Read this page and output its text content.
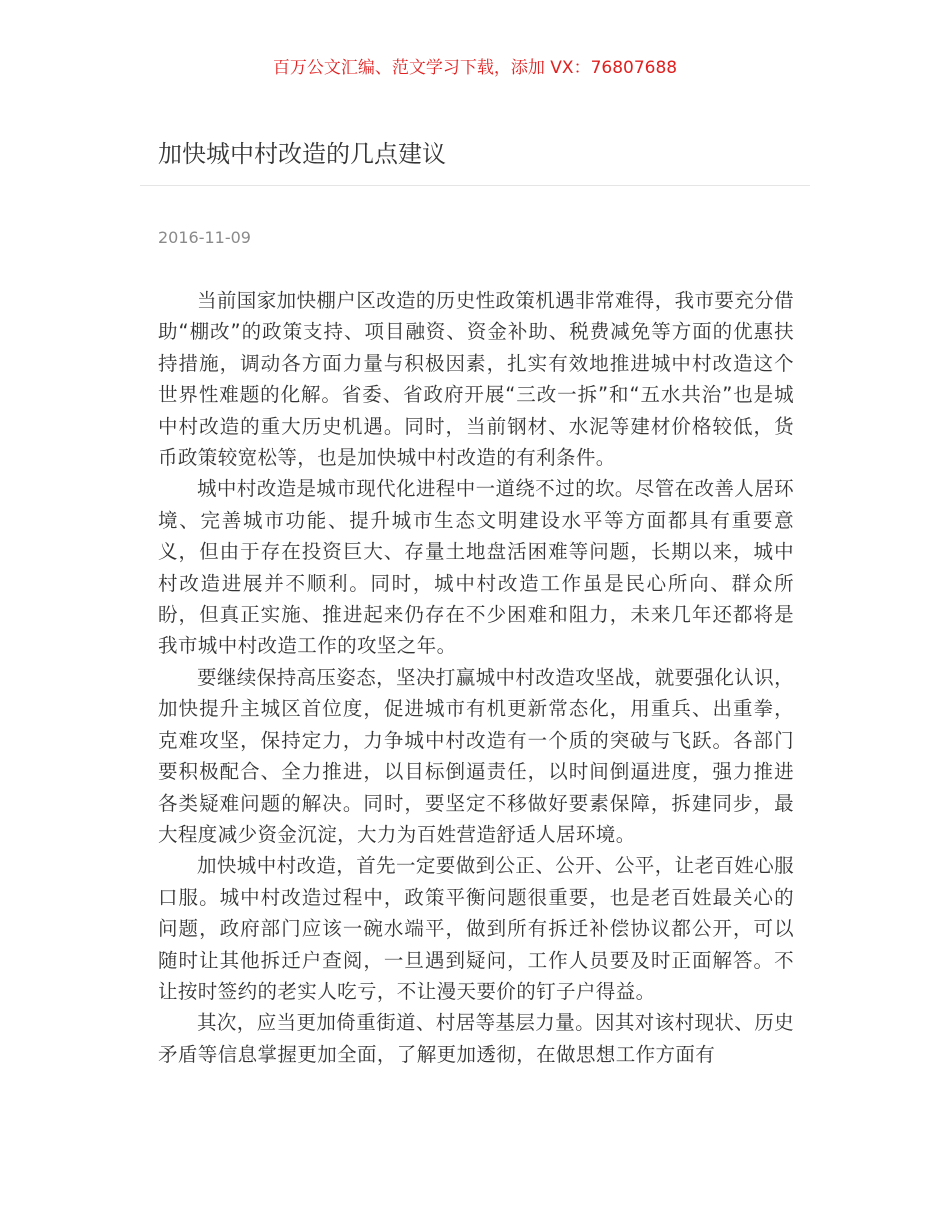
百万公文汇编、范文学习下载，添加 VX：76807688
加快城中村改造的几点建议
2016-11-09

当前国家加快棚户区改造的历史性政策机遇非常难得，我市要充分借助“棚改”的政策支持、项目融资、资金补助、税费减免等方面的优惠扶持措施，调动各方面力量与积极因素，扎实有效地推进城中村改造这个世界性难题的化解。省委、省政府开展“三改一拆”和“五水共治”也是城中村改造的重大历史机遇。同时，当前钢材、水泥等建材价格较低，货币政策较宽松等，也是加快城中村改造的有利条件。

城中村改造是城市现代化进程中一道绕不过的坎。尽管在改善人居环境、完善城市功能、提升城市生态文明建设水平等方面都具有重要意义，但由于存在投资巨大、存量土地盘活困难等问题，长期以来，城中村改造进展并不顺利。同时，城中村改造工作虽是民心所向、群众所盼，但真正实施、推进起来仍存在不少困难和阻力，未来几年还都将是我市城中村改造工作的攻坚之年。

要继续保持高压姿态，坚决打赢城中村改造攻坚战，就要强化认识，加快提升主城区首位度，促进城市有机更新常态化，用重兵、出重拳，克难攻坚，保持定力，力争城中村改造有一个质的突破与飞跃。各部门要积极配合、全力推进，以目标倒逼责任，以时间倒逼进度，强力推进各类疑难问题的解决。同时，要坚定不移做好要素保障，拆建同步，最大程度减少资金沉淀，大力为百姓营造舒适人居环境。

加快城中村改造，首先一定要做到公正、公开、公平，让老百姓心服口服。城中村改造过程中，政策平衡问题很重要，也是老百姓最关心的问题，政府部门应该一碗水端平，做到所有拆迁补偿协议都公开，可以随时让其他拆迁户查阅，一旦遇到疑问，工作人员要及时正面解答。不让按时签约的老实人吃亏，不让漫天要价的钉子户得益。

其次，应当更加倚重街道、村居等基层力量。因其对该村现状、历史矛盾等信息掌握更加全面，了解更加透彻，在做思想工作方面有
